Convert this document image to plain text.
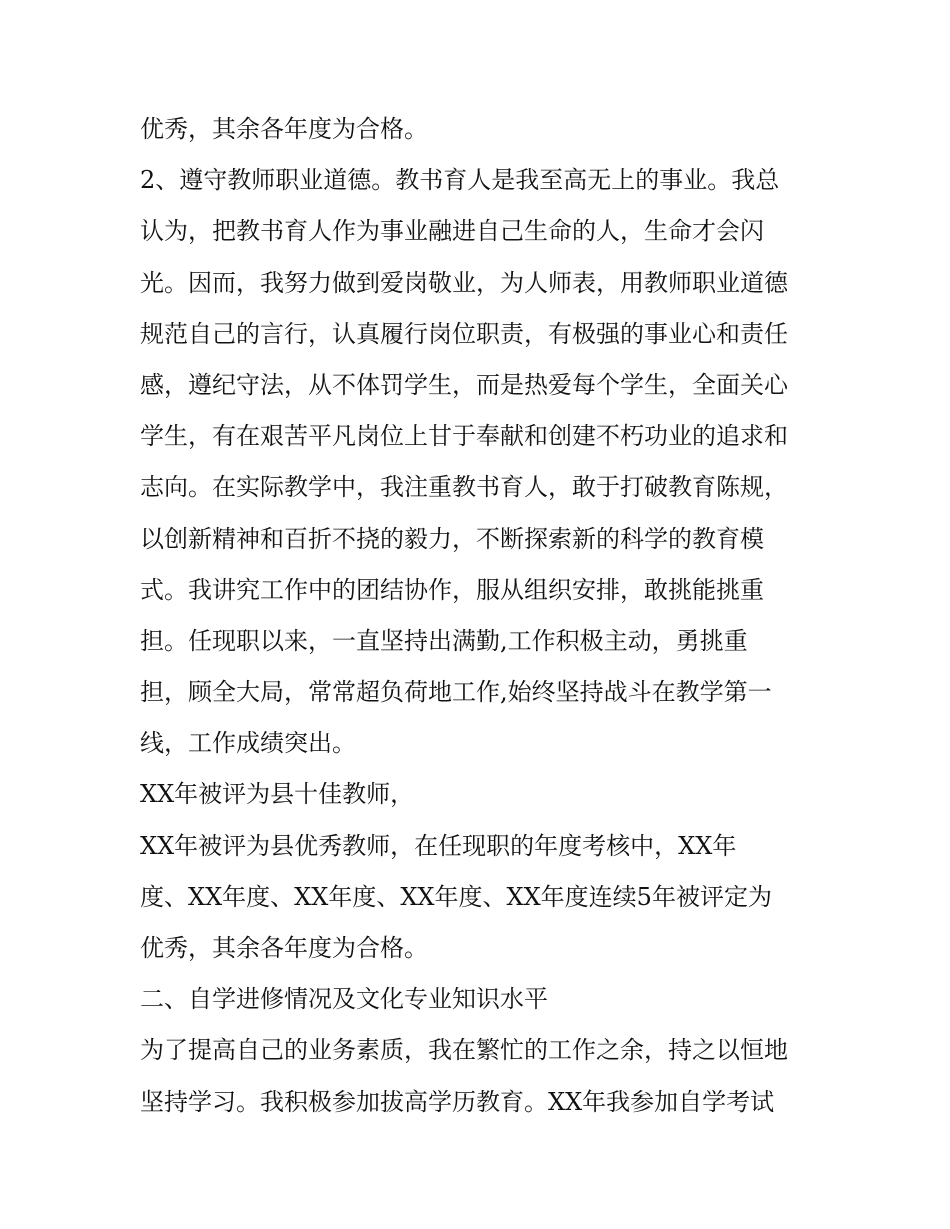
优秀，其余各年度为合格。
2、遵守教师职业道德。教书育人是我至高无上的事业。我总
认为，把教书育人作为事业融进自己生命的人，生命才会闪
光。因而，我努力做到爱岗敬业，为人师表，用教师职业道德
规范自己的言行，认真履行岗位职责，有极强的事业心和责任
感，遵纪守法，从不体罚学生，而是热爱每个学生，全面关心
学生，有在艰苦平凡岗位上甘于奉献和创建不朽功业的追求和
志向。在实际教学中，我注重教书育人，敢于打破教育陈规，
以创新精神和百折不挠的毅力，不断探索新的科学的教育模
式。我讲究工作中的团结协作，服从组织安排，敢挑能挑重
担。任现职以来，一直坚持出满勤,工作积极主动，勇挑重
担，顾全大局，常常超负荷地工作,始终坚持战斗在教学第一
线，工作成绩突出。
XX年被评为县十佳教师，
XX年被评为县优秀教师，在任现职的年度考核中，XX年
度、XX年度、XX年度、XX年度、XX年度连续5年被评定为
优秀，其余各年度为合格。
二、自学进修情况及文化专业知识水平
为了提高自己的业务素质，我在繁忙的工作之余，持之以恒地
坚持学习。我积极参加拔高学历教育。XX年我参加自学考试
